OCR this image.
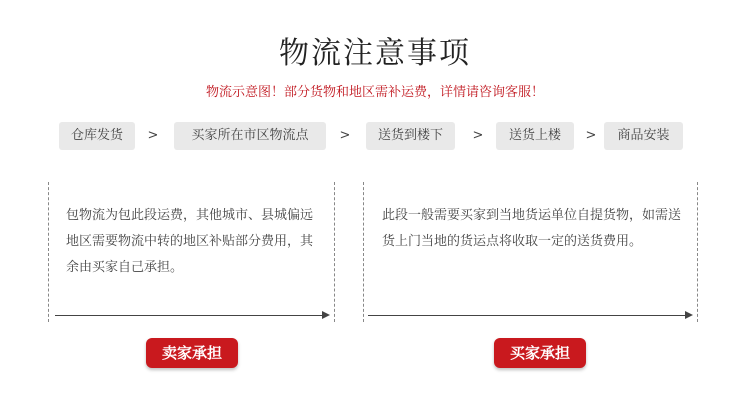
物流注意事项
物流示意图！部分货物和地区需补运费，详情请咨询客服！
仓库发货	>	买家所在市区物流点	>	送货到楼下	>	送货上楼	>	商品安装
包物流为包此段运费，其他城市、县城偏远地区需要物流中转的地区补贴部分费用，其余由买家自己承担。
卖家承担
此段一般需要买家到当地货运单位自提货物，如需送货上门当地的货运点将收取一定的送货费用。
买家承担
